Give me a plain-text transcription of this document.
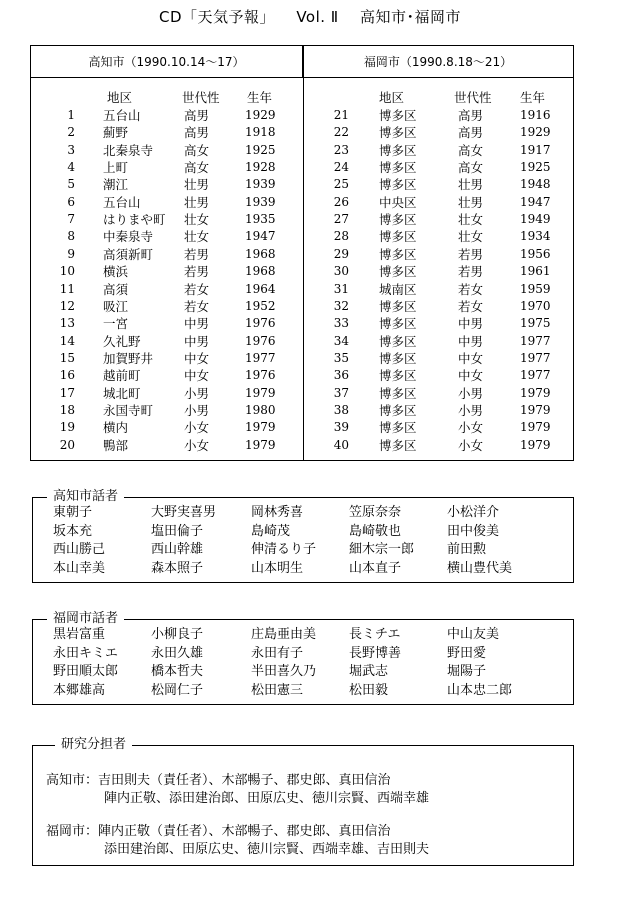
CD「天気予報」 Vol. Ⅱ 高知市･福岡市
高知市（1990.10.14～17）	福岡市（1990.8.18～21）
地区	世代性 生年	地区	世代性 生年
1 五台山	高男	1929
2 薊野	高男	1918
3 北秦泉寺 高女	1925
4 上町	高女	1928
5 潮江	壮男	1939
6 五台山	壮男	1939
7 はりまや町 壮女	1935
8 中秦泉寺 壮女	1947
9 高須新町 若男	1968
10 横浜	若男	1968
11 高須	若女	1964
12 吸江	若女	1952
13 一宮	中男	1976
14 久礼野	中男	1976
15 加賀野井 中女	1977
16 越前町	中女	1976
17 城北町	小男	1979
18 永国寺町 小男	1980
19 横内	小女	1979
20 鴨部	小女	1979
21 博多区	高男	1916
22 博多区	高男	1929
23 博多区	高女	1917
24 博多区	高女	1925
25 博多区	壮男	1948
26 中央区	壮男	1947
27 博多区	壮女	1949
28 博多区	壮女	1934
29 博多区	若男	1956
30 博多区	若男	1961
31 城南区	若女	1959
32 博多区	若女	1970
33 博多区	中男	1975
34 博多区	中男	1977
35 博多区	中女	1977
36 博多区	中女	1977
37 博多区	小男	1979
38 博多区	小男	1979
39 博多区	小女	1979
40 博多区	小女	1979
高知市話者
東朝子	大野実喜男	岡林秀喜	笠原奈奈	小松洋介
坂本充	塩田倫子	島崎茂	島崎敬也	田中俊美
西山勝己	西山幹雄	伸清るり子	細木宗一郎	前田勲
本山幸美	森本照子	山本明生	山本直子	横山豊代美
福岡市話者
黒岩富重	小柳良子	庄島亜由美	長ミチエ	中山友美
永田キミエ	永田久雄	永田有子	長野博善	野田愛
野田順太郎	橋本哲夫	半田喜久乃	堀武志	堀陽子
本郷雄高	松岡仁子	松田憲三	松田毅	山本忠二郎
研究分担者
高知市：吉田則夫（責任者）、木部暢子、郡史郎、真田信治
陣内正敬、添田建治郎、田原広史、徳川宗賢、西端幸雄
福岡市：陣内正敬（責任者）、木部暢子、郡史郎、真田信治
添田建治郎、田原広史、徳川宗賢、西端幸雄、吉田則夫
